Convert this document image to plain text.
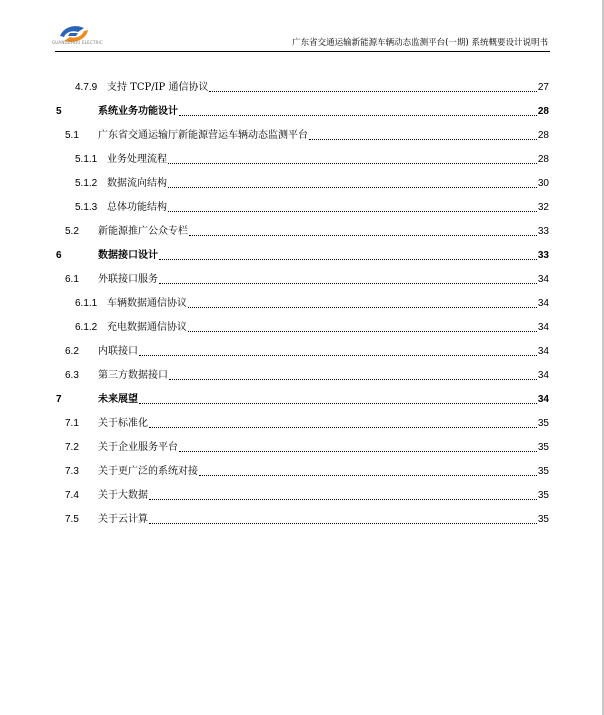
GUANGZHOU ELECTRIC	广东省交通运输新能源车辆动态监测平台(一期) 系统概要设计说明书
4.7.9 支持 TCP/IP 通信协议	27
5	系统业务功能设计	28
5.1	广东省交通运输厅新能源营运车辆动态监测平台	28
5.1.1 业务处理流程	28
5.1.2 数据流向结构	30
5.1.3 总体功能结构	32
5.2	新能源推广公众专栏	33
6	数据接口设计	33
6.1	外联接口服务	34
6.1.1 车辆数据通信协议	34
6.1.2 充电数据通信协议	34
6.2	内联接口	34
6.3	第三方数据接口	34
7	未来展望	34
7.1	关于标准化	35
7.2	关于企业服务平台	35
7.3	关于更广泛的系统对接	35
7.4	关于大数据	35
7.5	关于云计算	35
